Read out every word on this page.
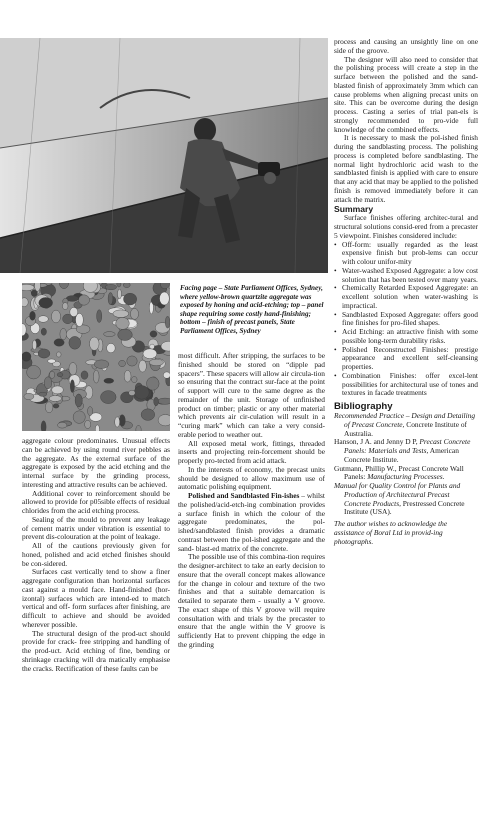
Facing page – State Parliament Offices, Sydney, where yellow-brown quartzite aggregate was exposed by honing and acid-etching; top – panel shape requiring some costly hand-finishing; bottom – finish of precast panels, State Parliament Offices, Sydney

aggregate colour predominates. Unusual effects can be achieved by using round river pebbles as the aggregate. As the external surface of the aggregate is exposed by the acid etching and the internal surface by the grinding process, interesting and attractive results can be achieved.

Additional cover to reinforcement should be allowed to provide for p05sible effects of residual chlorides from the acid etching process.

Sealing of the mould to prevent any leakage of cement matrix under vibration is essential to prevent dis-colouration at the point of leakage.

All of the cautions previously given for honed, polished and acid etched finishes should be con-sidered.

Surfaces cast vertically tend to show a finer aggregate configuration than horizontal surfaces cast against a mould face. Hand-finished (hor-izontal) surfaces which are intend-ed to match vertical and off- form surfaces after finishing, are difficult to achieve and should be avoided wherever possible.

The structural design of the prod-uct should provide for crack- free stripping and handling of the prod-uct. Acid etching of fine, bending or shrinkage cracking will dra matically emphasise the cracks. Rectification of these faults can be

most difficult. After stripping, the surfaces to be finished should be stored on “dipple pad spacers”. These spacers will allow air circula-tion so ensuring that the contract sur-face at the point of support will cure to the same degree as the remainder of the unit. Storage of unfinished product on timber; plastic or any other material which prevents air cir-culation will result in a “curing mark” which can take a very consid-erable period to weather out.

All exposed metal work, fittings, threaded inserts and projecting rein-forcement should be properly pro-tected from acid attack.

In the interests of economy, the precast units should be designed to allow maximum use of automatic polishing equipment.

Polished and Sandblasted Fin-ishes – whilst the polished/acid-etch-ing combination provides a surface finish in which the colour of the aggregate predominates, the pol-ished/sandblasted finish provides a dramatic contrast between the pol-ished aggregate and the sand- blast-ed matrix of the concrete.

The possible use of this combina-tion requires the designer-architect to take an early decision to ensure that the overall concept makes allowance for the change in colour and texture of the two finishes and that a suitable demarcation is detailed to separate them - usually a V groove. The exact shape of this V groove will require consultation with and trials by the precaster to ensure that the angle within the V groove is sufficiently Hat to prevent chipping the edge in the grinding

process and causing an unsightly line on one side of the groove.

The designer will also need to consider that the polishing process will create a step in the surface between the polished and the sand-blasted finish of approximately 3mm which can cause problems when aligning precast units on site. This can be overcome during the design process. Casting a series of trial pan-els is strongly recommended to pro-vide full knowledge of the combined effects.

It is necessary to mask the pol-ished finish during the sandblasting process. The polishing process is completed before sandblasting. The normal light hydrochloric acid wash to the sandblasted finish is applied with care to ensure that any acid that may be applied to the polished finish is removed immediately before it can attack the matrix.

Summary

Surface finishes offering architec-tural and structural solutions consid-ered from a precaster 5 viewpoint. Finishes considered include:

• Off-form: usually regarded as the least expensive finish but prob-lems can occur with colour unifor-mity
• Water-washed Exposed Aggregate: a low cost solution that has been tested over many years.
• Chemically Retarded Exposed Aggregate: an excellent solution when water-washing is impractical.
• Sandblasted Exposed Aggregate: offers good fine finishes for pro-filed shapes.
• Acid Etching: an attractive finish with some possible long-term durability risks.
• Polished Reconstructed Finishes: prestige appearance and excellent self-cleansing properties.
• Combination Finishes: offer excel-lent possibilities for architectural use of tones and textures in facade treatments
Bibliography

Recommended Practice – Design and Detailing of Precast Concrete, Concrete Institute of Australia.

Hanson, J A. and Jenny D P, Precast Concrete Panels: Materials and Tests, American Concrete Institute.

Gutmann, Phillip W., Precast Concrete Wall Panels: Manufacturing Processes.

Manual for Quality Control for Plants and Production of Architectural Precast Concrete Products, Prestressed Concrete Institute (USA).

The author wishes to acknowledge the assistance of Boral Ltd in provid-ing photographs.
